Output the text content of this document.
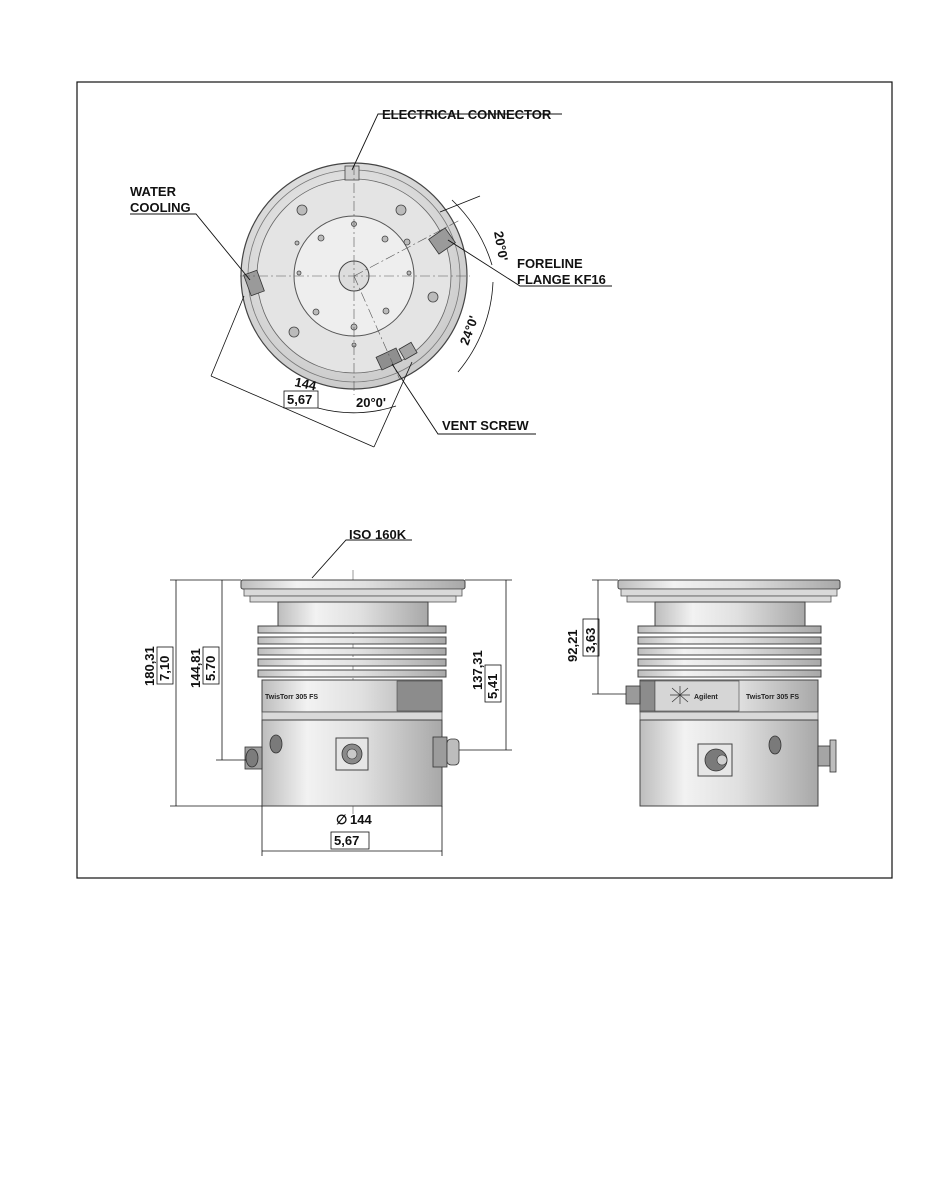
ELECTRICAL CONNECTOR
WATER
COOLING
FORELINE
FLANGE KF16
VENT SCREW
20°0'
24°0'
20°0'
144
5,67
ISO 160K
180,31 7,10 144,81 5.70	137,31 5,41
∅ 144
5,67
TwisTorr 305 FS
92,21 3,63
Agilent	TwisTorr 305 FS
